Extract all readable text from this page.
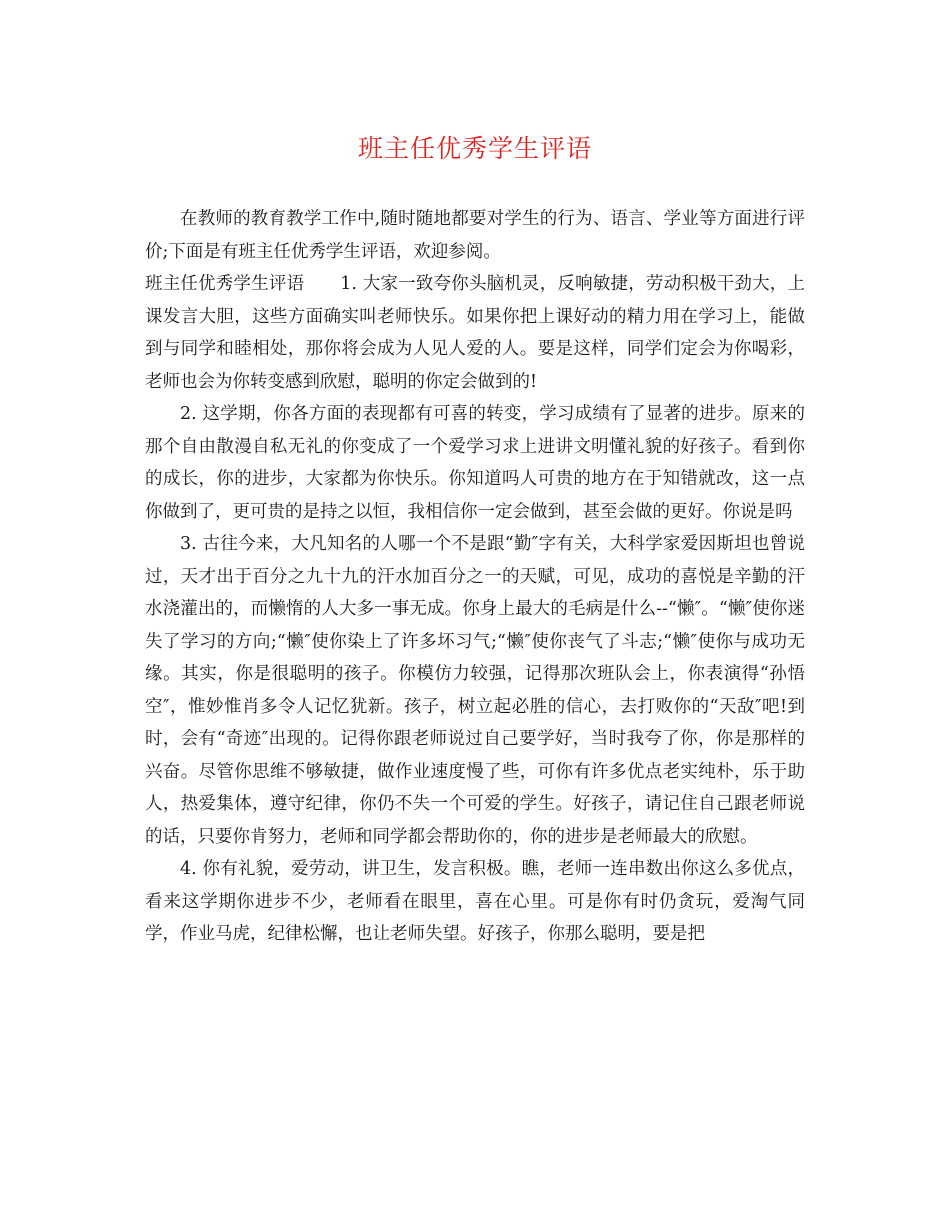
班主任优秀学生评语

在教师的教育教学工作中,随时随地都要对学生的行为、语言、学业等方面进行评价;下面是有班主任优秀学生评语，欢迎参阅。

班主任优秀学生评语 1. 大家一致夸你头脑机灵，反响敏捷，劳动积极干劲大，上课发言大胆，这些方面确实叫老师快乐。如果你把上课好动的精力用在学习上，能做到与同学和睦相处，那你将会成为人见人爱的人。要是这样，同学们定会为你喝彩，老师也会为你转变感到欣慰，聪明的你定会做到的!

2. 这学期，你各方面的表现都有可喜的转变，学习成绩有了显著的进步。原来的那个自由散漫自私无礼的你变成了一个爱学习求上进讲文明懂礼貌的好孩子。看到你的成长，你的进步，大家都为你快乐。你知道吗人可贵的地方在于知错就改，这一点你做到了，更可贵的是持之以恒，我相信你一定会做到，甚至会做的更好。你说是吗

3. 古往今来，大凡知名的人哪一个不是跟“勤″字有关，大科学家爱因斯坦也曾说过，天才出于百分之九十九的汗水加百分之一的天赋，可见，成功的喜悦是辛勤的汗水浇灌出的，而懒惰的人大多一事无成。你身上最大的毛病是什么--“懒″。“懒″使你迷失了学习的方向;“懒″使你染上了许多坏习气;“懒″使你丧气了斗志;“懒″使你与成功无缘。其实，你是很聪明的孩子。你模仿力较强，记得那次班队会上，你表演得“孙悟空″，惟妙惟肖多令人记忆犹新。孩子，树立起必胜的信心，去打败你的“天敌″吧!到时，会有“奇迹″出现的。记得你跟老师说过自己要学好，当时我夸了你，你是那样的兴奋。尽管你思维不够敏捷，做作业速度慢了些，可你有许多优点老实纯朴，乐于助人，热爱集体，遵守纪律，你仍不失一个可爱的学生。好孩子，请记住自己跟老师说的话，只要你肯努力，老师和同学都会帮助你的，你的进步是老师最大的欣慰。

4. 你有礼貌，爱劳动，讲卫生，发言积极。瞧，老师一连串数出你这么多优点，看来这学期你进步不少，老师看在眼里，喜在心里。可是你有时仍贪玩，爱淘气同学，作业马虎，纪律松懈，也让老师失望。好孩子，你那么聪明，要是把
